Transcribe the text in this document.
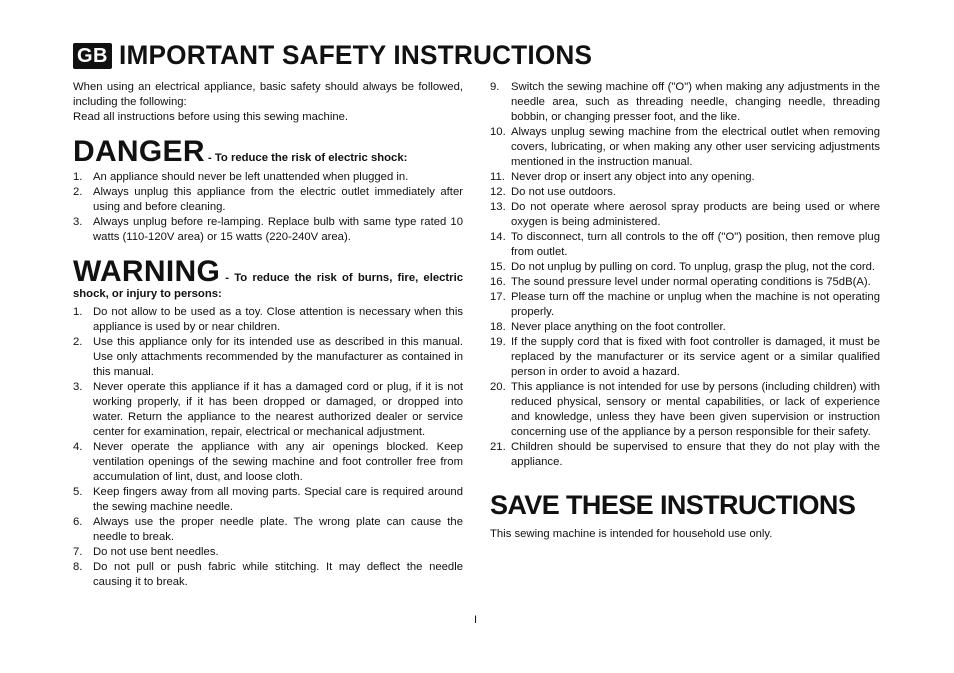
GB IMPORTANT SAFETY INSTRUCTIONS

When using an electrical appliance, basic safety should always be followed, including the following:

Read all instructions before using this sewing machine.

DANGER - To reduce the risk of electric shock:
1. An appliance should never be left unattended when plugged in.
2. Always unplug this appliance from the electric outlet immediately after using and before cleaning.
3. Always unplug before re-lamping. Replace bulb with same type rated 10 watts (110-120V area) or 15 watts (220-240V area).
WARNING - To reduce the risk of burns, fire, electric shock, or injury to persons:
1. Do not allow to be used as a toy. Close attention is necessary when this appliance is used by or near children.
2. Use this appliance only for its intended use as described in this manual. Use only attachments recommended by the manufacturer as contained in this manual.
3. Never operate this appliance if it has a damaged cord or plug, if it is not working properly, if it has been dropped or damaged, or dropped into water. Return the appliance to the nearest authorized dealer or service center for examination, repair, electrical or mechanical adjustment.
4. Never operate the appliance with any air openings blocked. Keep ventilation openings of the sewing machine and foot controller free from accumulation of lint, dust, and loose cloth.
5. Keep fingers away from all moving parts. Special care is required around the sewing machine needle.
6. Always use the proper needle plate. The wrong plate can cause the needle to break.
7. Do not use bent needles.
8. Do not pull or push fabric while stitching. It may deflect the needle causing it to break.
9.	Switch the sewing machine off ("O") when making any adjustments in the needle area, such as threading needle, changing needle, threading bobbin, or changing presser foot, and the like.
10. Always unplug sewing machine from the electrical outlet when removing covers, lubricating, or when making any other user servicing adjustments mentioned in the instruction manual.
11. Never drop or insert any object into any opening.
12. Do not use outdoors.
13. Do not operate where aerosol spray products are being used or where oxygen is being administered.
14. To disconnect, turn all controls to the off ("O") position, then remove plug from outlet.
15. Do not unplug by pulling on cord. To unplug, grasp the plug, not the cord.
16. The sound pressure level under normal operating conditions is 75dB(A).
17. Please turn off the machine or unplug when the machine is not operating properly.
18. Never place anything on the foot controller.
19. If the supply cord that is fixed with foot controller is damaged, it must be replaced by the manufacturer or its service agent or a similar qualified person in order to avoid a hazard.
20. This appliance is not intended for use by persons (including children) with reduced physical, sensory or mental capabilities, or lack of experience and knowledge, unless they have been given supervision or instruction concerning use of the appliance by a person responsible for their safety.
21. Children should be supervised to ensure that they do not play with the appliance.
SAVE THESE INSTRUCTIONS

This sewing machine is intended for household use only.

I
